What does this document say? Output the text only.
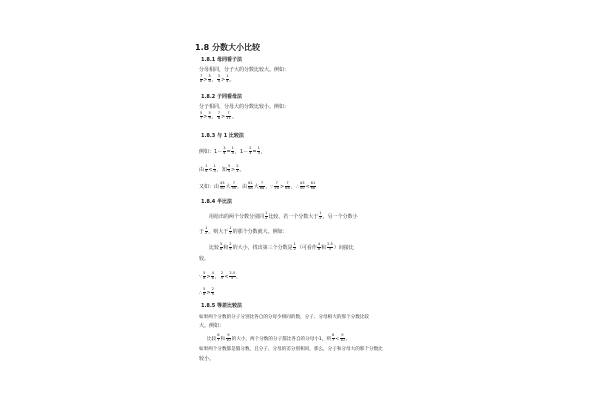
1.8 分数大小比较
1.8.1 母同看子法
分母相同，分子大的分数比较大。例如：
$\frac{7}{8} > \frac{5}{8}$ ， $\frac{3}{4} > \frac{1}{4}$ 。
1.8.2 子同看母法
分子相同，分母大的分数比较小。例如：
$\frac{5}{7} > \frac{5}{9}$ ， $\frac{7}{8} > \frac{7}{11}$ 。
1.8.3 与 1 比较法
例如：$1- \frac{3}{4} = \frac{1}{4}$ ，$1- \frac{2}{3} = \frac{1}{3}$ ，
由 $\frac{1}{4} < \frac{1}{3}$ ，知 $\frac{3}{4} > \frac{2}{3}$ 。
又如：由 $\frac{43}{50}$ 大 $\frac{7}{50}$ ，由 $\frac{61}{68}$ 大 $\frac{7}{68}$ ，∵ $\frac{7}{50} > \frac{7}{68}$ ，∴ $\frac{43}{50} < \frac{61}{68}$
1.8.4 半比法
用给出的两个分数分别同 $\frac{1}{2}$ 比较，若一个分数大于 $\frac{1}{2}$ ，另一个分数小
于 $\frac{1}{2}$ ，则大于 $\frac{1}{2}$ 的那个分数就大。例如：
比较 $\frac{5}{8}$ 和 $\frac{2}{5}$ 的大小，找出第三个分数是 $\frac{1}{2}$ （可看作 $\frac{4}{8}$ 和 $\frac{2.5}{5}$ ）间接比
较。
∵ $\frac{5}{8} > \frac{4}{8}$ ， $\frac{2}{5} < \frac{2.5}{5}$ ，
∴ $\frac{5}{8} > \frac{2}{5}$
1.8.5 等差比较法
如果两个分数的分子分别比各自的分母少相同的数，分子、分母相大的那个分数比较
大。例如：
比较 $\frac{6}{7}$ 和 $\frac{9}{10}$ 的大小，两个分数的分子都比各自的分母小1，则 $\frac{6}{7} < \frac{9}{10}$ 。
如果两个分数都是假分数，且分子、分母的差分别相同，那么，分子和分母大的那个分数比
较小。
